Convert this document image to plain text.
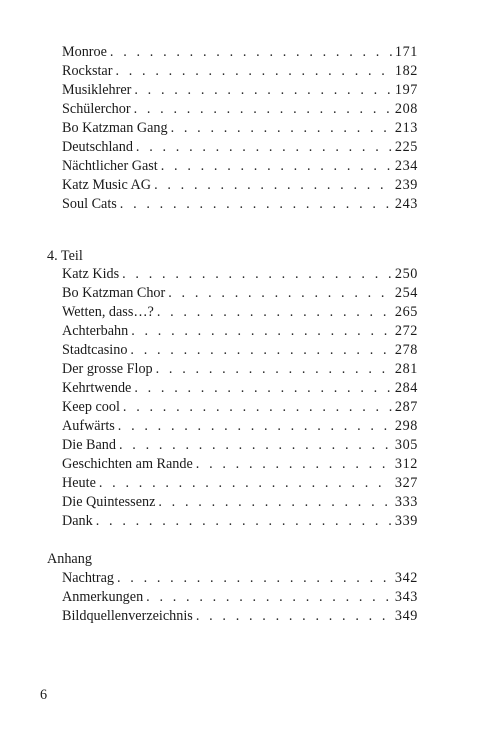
Monroe . . .	171
Rockstar . . .	182
Musiklehrer . . .	197
Schülerchor . . .	208
Bo Katzman Gang . . .	213
Deutschland . . .	225
Nächtlicher Gast . . .	234
Katz Music AG . . .	239
Soul Cats . . .	243
4. Teil
Katz Kids . . .	250
Bo Katzman Chor . . .	254
Wetten, dass…? . . .	265
Achterbahn . . .	272
Stadtcasino . . .	278
Der grosse Flop . . .	281
Kehrtwende . . .	284
Keep cool . . .	287
Aufwärts . . .	298
Die Band . . .	305
Geschichten am Rande . . .	312
Heute . . .	327
Die Quintessenz . . .	333
Dank . . .	339
Anhang
Nachtrag . . .	342
Anmerkungen . . .	343
Bildquellenverzeichnis . . .	349
6
